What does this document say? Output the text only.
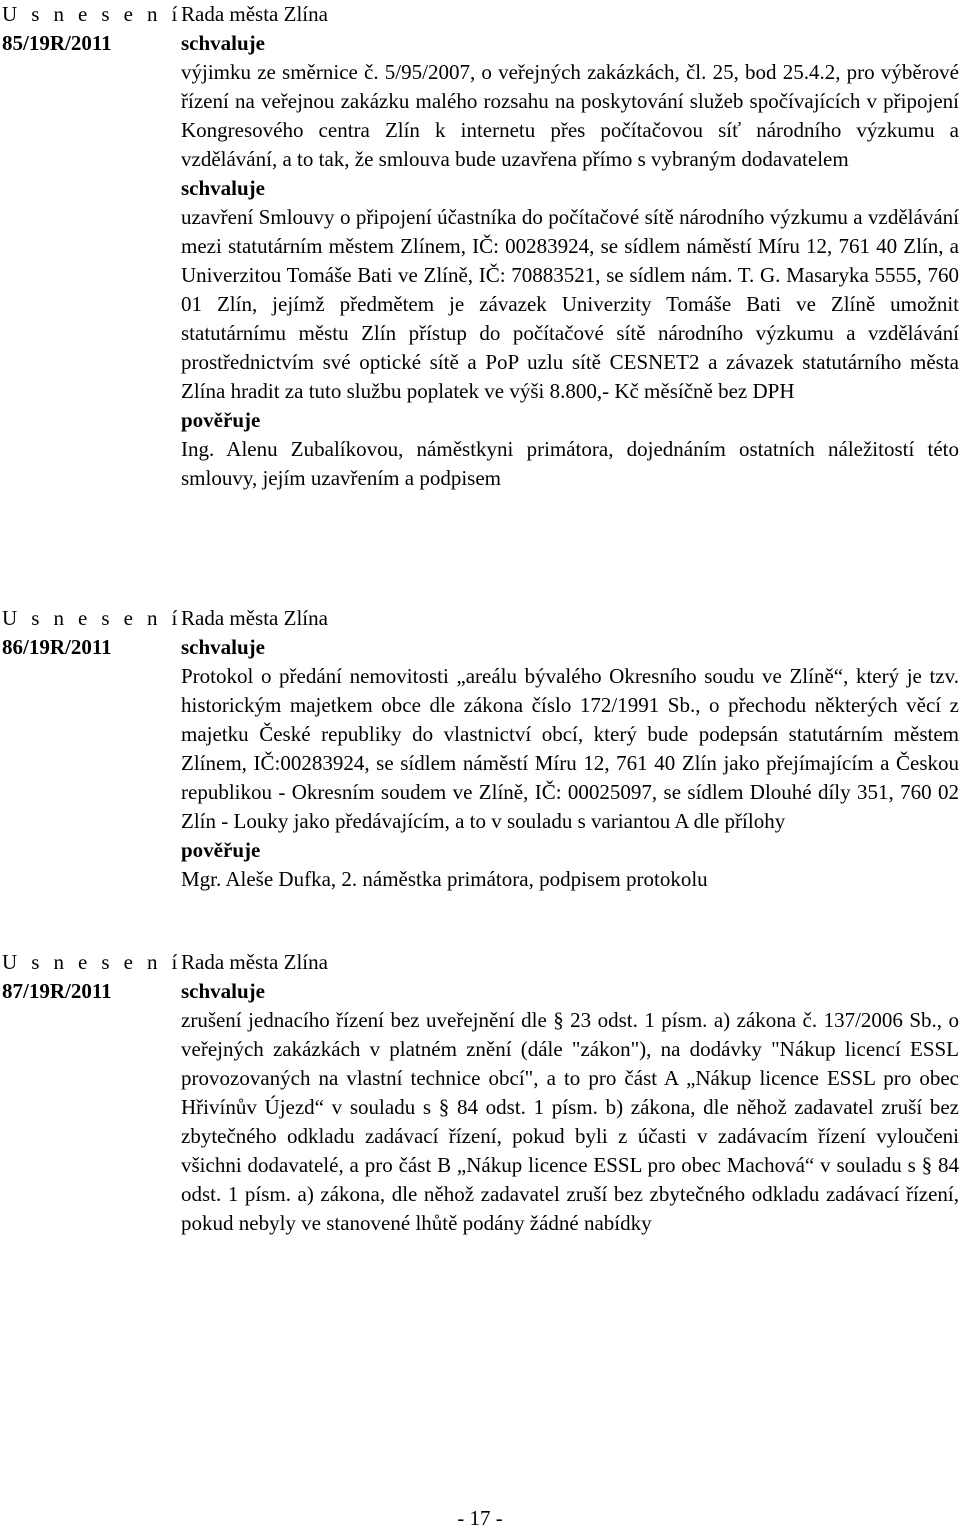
U s n e s e n í
85/19R/2011
Rada města Zlína
schvaluje

výjimku ze směrnice č. 5/95/2007, o veřejných zakázkách, čl. 25, bod 25.4.2, pro výběrové řízení na veřejnou zakázku malého rozsahu na poskytování služeb spočívajících v připojení Kongresového centra Zlín k internetu přes počítačovou síť národního výzkumu a vzdělávání, a to tak, že smlouva bude uzavřena přímo s vybraným dodavatelem

schvaluje

uzavření Smlouvy o připojení účastníka do počítačové sítě národního výzkumu a vzdělávání mezi statutárním městem Zlínem, IČ: 00283924, se sídlem náměstí Míru 12, 761 40 Zlín, a Univerzitou Tomáše Bati ve Zlíně, IČ: 70883521, se sídlem nám. T. G. Masaryka 5555, 760 01 Zlín, jejímž předmětem je závazek Univerzity Tomáše Bati ve Zlíně umožnit statutárnímu městu Zlín přístup do počítačové sítě národního výzkumu a vzdělávání prostřednictvím své optické sítě a PoP uzlu sítě CESNET2 a závazek statutárního města Zlína hradit za tuto službu poplatek ve výši 8.800,- Kč měsíčně bez DPH

pověřuje

Ing. Alenu Zubalíkovou, náměstkyni primátora, dojednáním ostatních náležitostí této smlouvy, jejím uzavřením a podpisem

U s n e s e n í
86/19R/2011
Rada města Zlína
schvaluje

Protokol o předání nemovitosti „areálu bývalého Okresního soudu ve Zlíně“, který je tzv. historickým majetkem obce dle zákona číslo 172/1991 Sb., o přechodu některých věcí z majetku České republiky do vlastnictví obcí, který bude podepsán statutárním městem Zlínem, IČ:00283924, se sídlem náměstí Míru 12, 761 40 Zlín jako přejímajícím a Českou republikou - Okresním soudem ve Zlíně, IČ: 00025097, se sídlem Dlouhé díly 351, 760 02 Zlín - Louky jako předávajícím, a to v souladu s variantou A dle přílohy

pověřuje

Mgr. Aleše Dufka, 2. náměstka primátora, podpisem protokolu

U s n e s e n í
87/19R/2011
Rada města Zlína
schvaluje

zrušení jednacího řízení bez uveřejnění dle § 23 odst. 1 písm. a) zákona č. 137/2006 Sb., o veřejných zakázkách v platném znění (dále "zákon"), na dodávky "Nákup licencí ESSL provozovaných na vlastní technice obcí", a to pro část A „Nákup licence ESSL pro obec Hřivínův Újezd“ v souladu s § 84 odst. 1 písm. b) zákona, dle něhož zadavatel zruší bez zbytečného odkladu zadávací řízení, pokud byli z účasti v zadávacím řízení vyloučeni všichni dodavatelé, a pro část B „Nákup licence ESSL pro obec Machová“ v souladu s § 84 odst. 1 písm. a) zákona, dle něhož zadavatel zruší bez zbytečného odkladu zadávací řízení, pokud nebyly ve stanovené lhůtě podány žádné nabídky

- 17 -
